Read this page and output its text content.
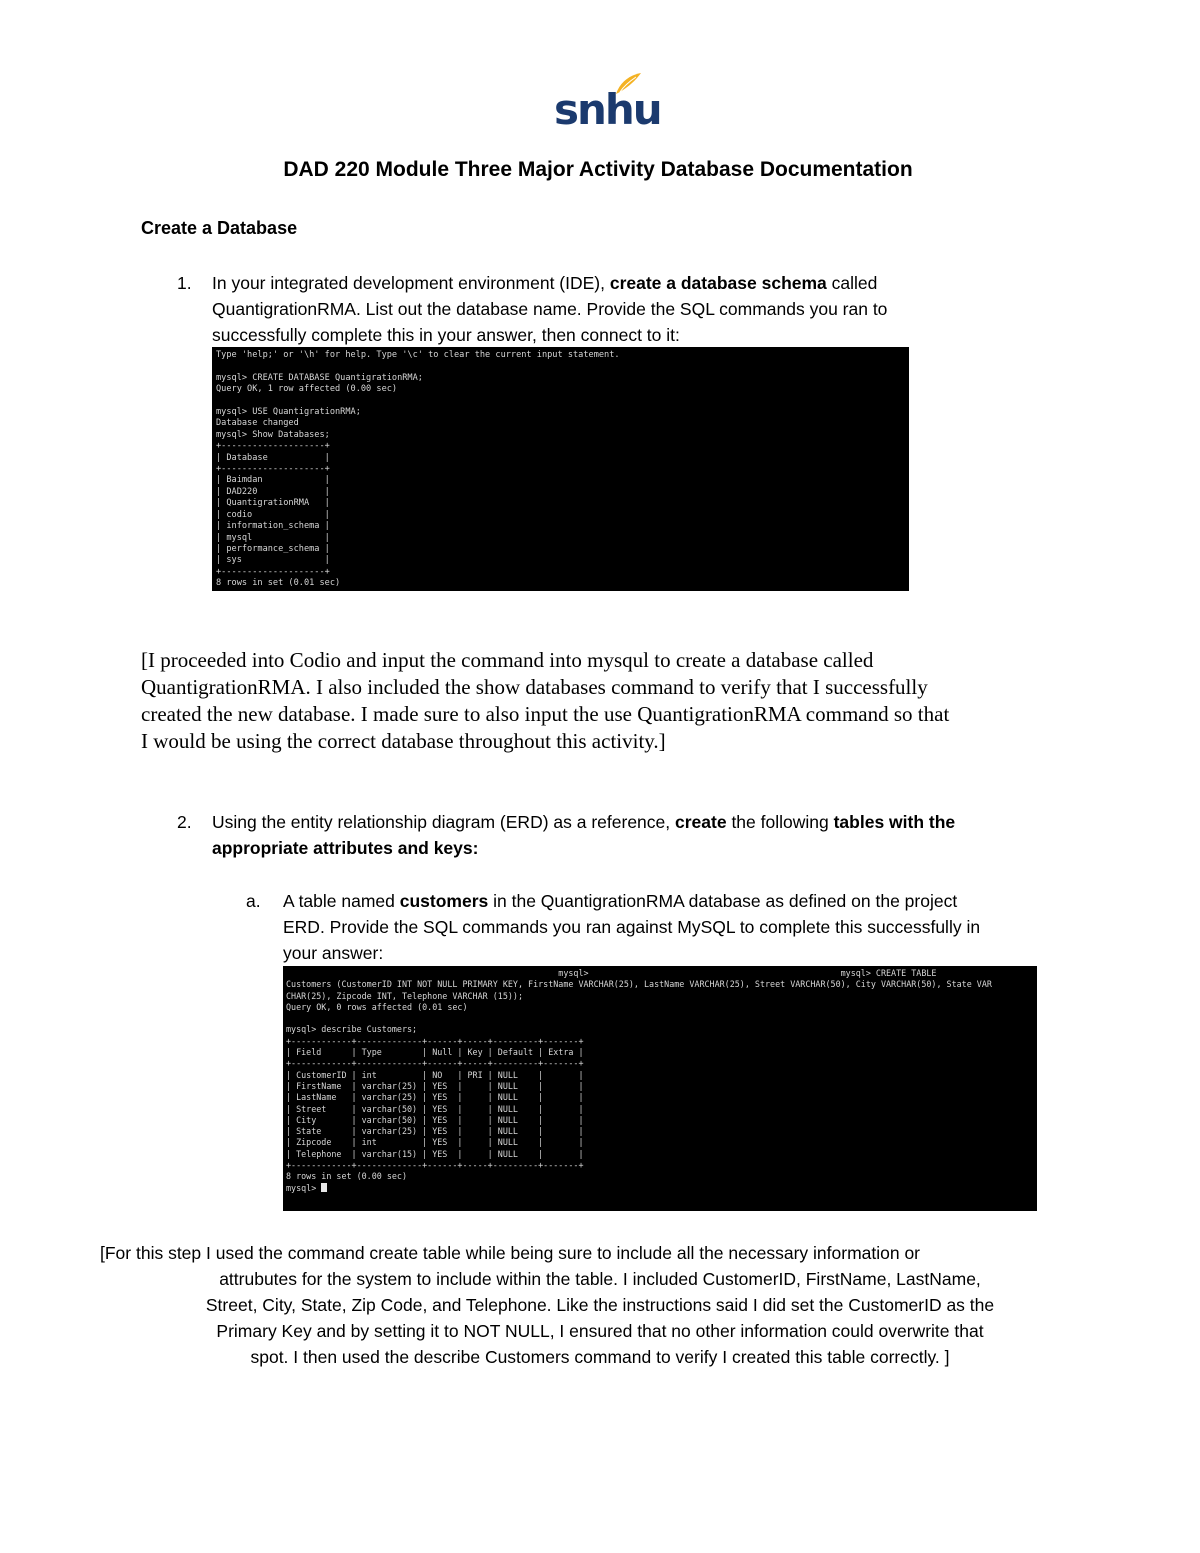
snhu
DAD 220 Module Three Major Activity Database Documentation
Create a Database
1. In your integrated development environment (IDE), create a database schema called
QuantigrationRMA. List out the database name. Provide the SQL commands you ran to
successfully complete this in your answer, then connect to it:
Type 'help;' or '\h' for help. Type '\c' to clear the current input statement.

mysql> CREATE DATABASE QuantigrationRMA;
Query OK, 1 row affected (0.00 sec)

mysql> USE QuantigrationRMA;
Database changed
mysql> Show Databases;
+--------------------+
| Database           |
+--------------------+
| Baimdan            |
| DAD220             |
| QuantigrationRMA   |
| codio              |
| information_schema |
| mysql              |
| performance_schema |
| sys                |
+--------------------+
8 rows in set (0.01 sec)
[I proceeded into Codio and input the command into mysqul to create a database called
QuantigrationRMA. I also included the show databases command to verify that I successfully
created the new database. I made sure to also input the use QuantigrationRMA command so that
I would be using the correct database throughout this activity.]
2. Using the entity relationship diagram (ERD) as a reference, create the following tables with the
appropriate attributes and keys:
a. A table named customers in the QuantigrationRMA database as defined on the project
ERD. Provide the SQL commands you ran against MySQL to complete this successfully in
your answer:
mysql>                                                  mysql> CREATE TABLE
Customers (CustomerID INT NOT NULL PRIMARY KEY, FirstName VARCHAR(25), LastName VARCHAR(25), Street VARCHAR(50), City VARCHAR(50), State VAR
CHAR(25), Zipcode INT, Telephone VARCHAR (15));
Query OK, 0 rows affected (0.01 sec)

mysql> describe Customers;
+------------+-------------+------+-----+---------+-------+
| Field      | Type        | Null | Key | Default | Extra |
+------------+-------------+------+-----+---------+-------+
| CustomerID | int         | NO   | PRI | NULL    |       |
| FirstName  | varchar(25) | YES  |     | NULL    |       |
| LastName   | varchar(25) | YES  |     | NULL    |       |
| Street     | varchar(50) | YES  |     | NULL    |       |
| City       | varchar(50) | YES  |     | NULL    |       |
| State      | varchar(25) | YES  |     | NULL    |       |
| Zipcode    | int         | YES  |     | NULL    |       |
| Telephone  | varchar(15) | YES  |     | NULL    |       |
+------------+-------------+------+-----+---------+-------+
8 rows in set (0.00 sec)

mysql>
[For this step I used the command create table while being sure to include all the necessary information or
attrubutes for the system to include within the table. I included CustomerID, FirstName, LastName,
Street, City, State, Zip Code, and Telephone. Like the instructions said I did set the CustomerID as the
Primary Key and by setting it to NOT NULL, I ensured that no other information could overwrite that
spot. I then used the describe Customers command to verify I created this table correctly. ]
